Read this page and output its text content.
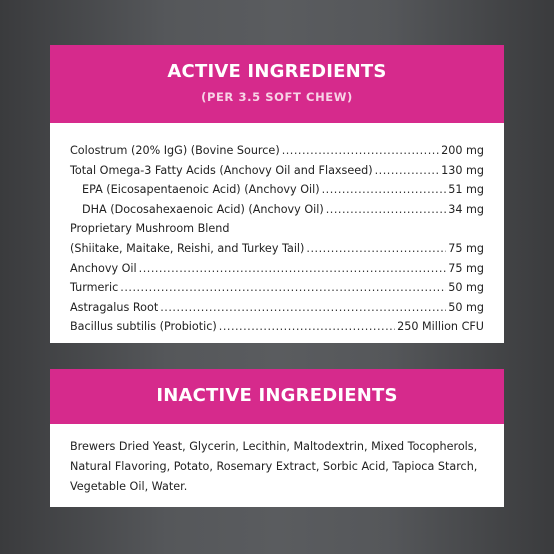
ACTIVE INGREDIENTS
(PER 3.5 SOFT CHEW)
Colostrum (20% IgG) (Bovine Source) .....	200 mg
Total Omega-3 Fatty Acids (Anchovy Oil and Flaxseed) .....	130 mg
EPA (Eicosapentaenoic Acid) (Anchovy Oil) .....	51 mg
DHA (Docosahexaenoic Acid) (Anchovy Oil) .....	34 mg
Proprietary Mushroom Blend
(Shiitake, Maitake, Reishi, and Turkey Tail) .....	75 mg
Anchovy Oil .....	75 mg
Turmeric .....	50 mg
Astragalus Root .....	50 mg
Bacillus subtilis (Probiotic) .....	250 Million CFU
INACTIVE INGREDIENTS
Brewers Dried Yeast, Glycerin, Lecithin, Maltodextrin, Mixed Tocopherols, Natural Flavoring, Potato, Rosemary Extract, Sorbic Acid, Tapioca Starch, Vegetable Oil, Water.
